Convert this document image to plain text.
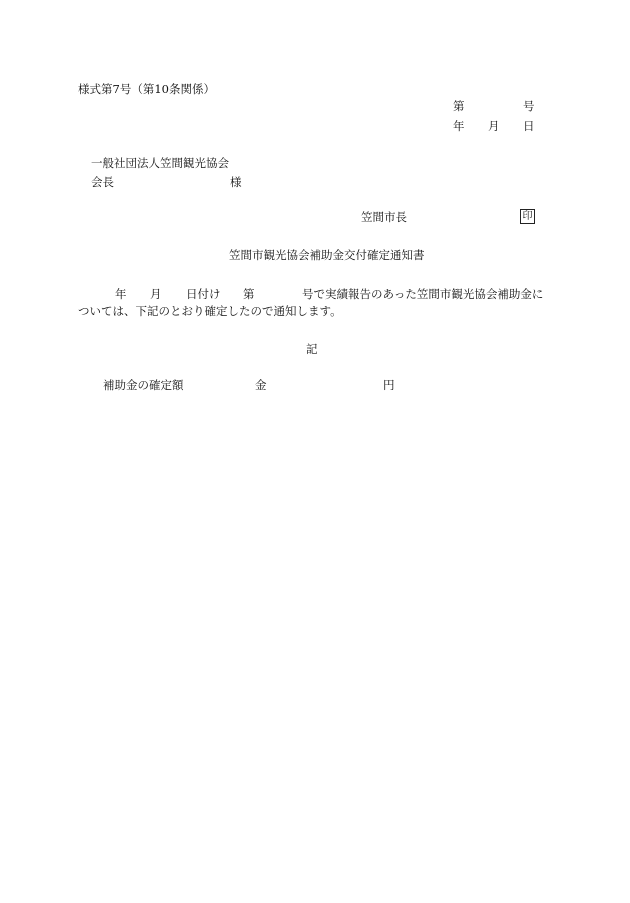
様式第7号（第10条関係）
第	号
年 月 日
一般社団法人笠間観光協会
会長	様
笠間市長	印
笠間市観光協会補助金交付確定通知書
年 月 日付け 第	号で実績報告のあった笠間市観光協会補助金に
ついては、下記のとおり確定したので通知します。
記
補助金の確定額	金	円
